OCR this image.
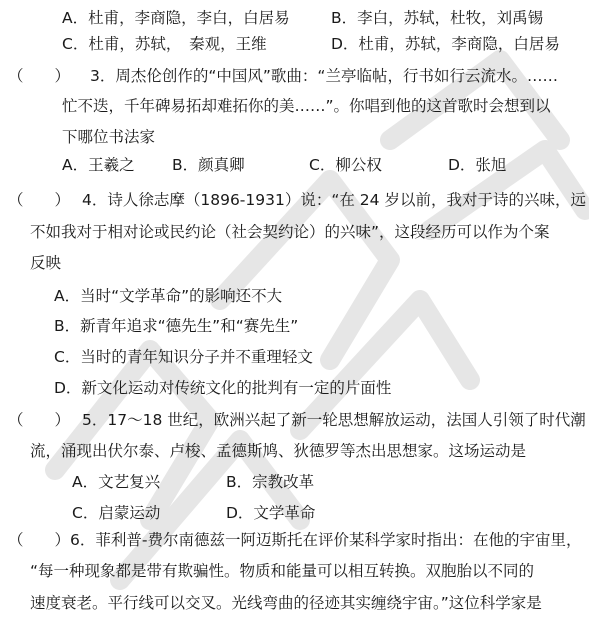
A．杜甫，李商隐，李白，白居易	B．李白，苏轼，杜牧，刘禹锡
C．杜甫，苏轼，　秦观，王维	D．杜甫，苏轼，李商隐，白居易
（　　） 3．周杰伦创作的“中国风”歌曲：“兰亭临帖，行书如行云流水。……
忙不迭，千年碑易拓却难拓你的美……”。你唱到他的这首歌时会想到以
下哪位书法家
A．王羲之 B．颜真卿	C．柳公权	D．张旭
（　　） 4．诗人徐志摩（1896-1931）说：“在 24 岁以前，我对于诗的兴味，远
不如我对于相对论或民约论（社会契约论）的兴味”，这段经历可以作为个案
反映
A．当时“文学革命”的影响还不大
B．新青年追求“德先生”和“赛先生”
C．当时的青年知识分子并不重理轻文
D．新文化运动对传统文化的批判有一定的片面性
（　　） 5．17～18 世纪，欧洲兴起了新一轮思想解放运动，法国人引领了时代潮
流，涌现出伏尔泰、卢梭、孟德斯鸠、狄德罗等杰出思想家。这场运动是
A．文艺复兴	B．宗教改革
C．启蒙运动	D．文学革命
（　　） 6．菲利普-费尔南德兹一阿迈斯托在评价某科学家时指出：在他的宇宙里，
“每一种现象都是带有欺骗性。物质和能量可以相互转换。双胞胎以不同的
速度衰老。平行线可以交叉。光线弯曲的径迹其实缠绕宇宙。”这位科学家是
